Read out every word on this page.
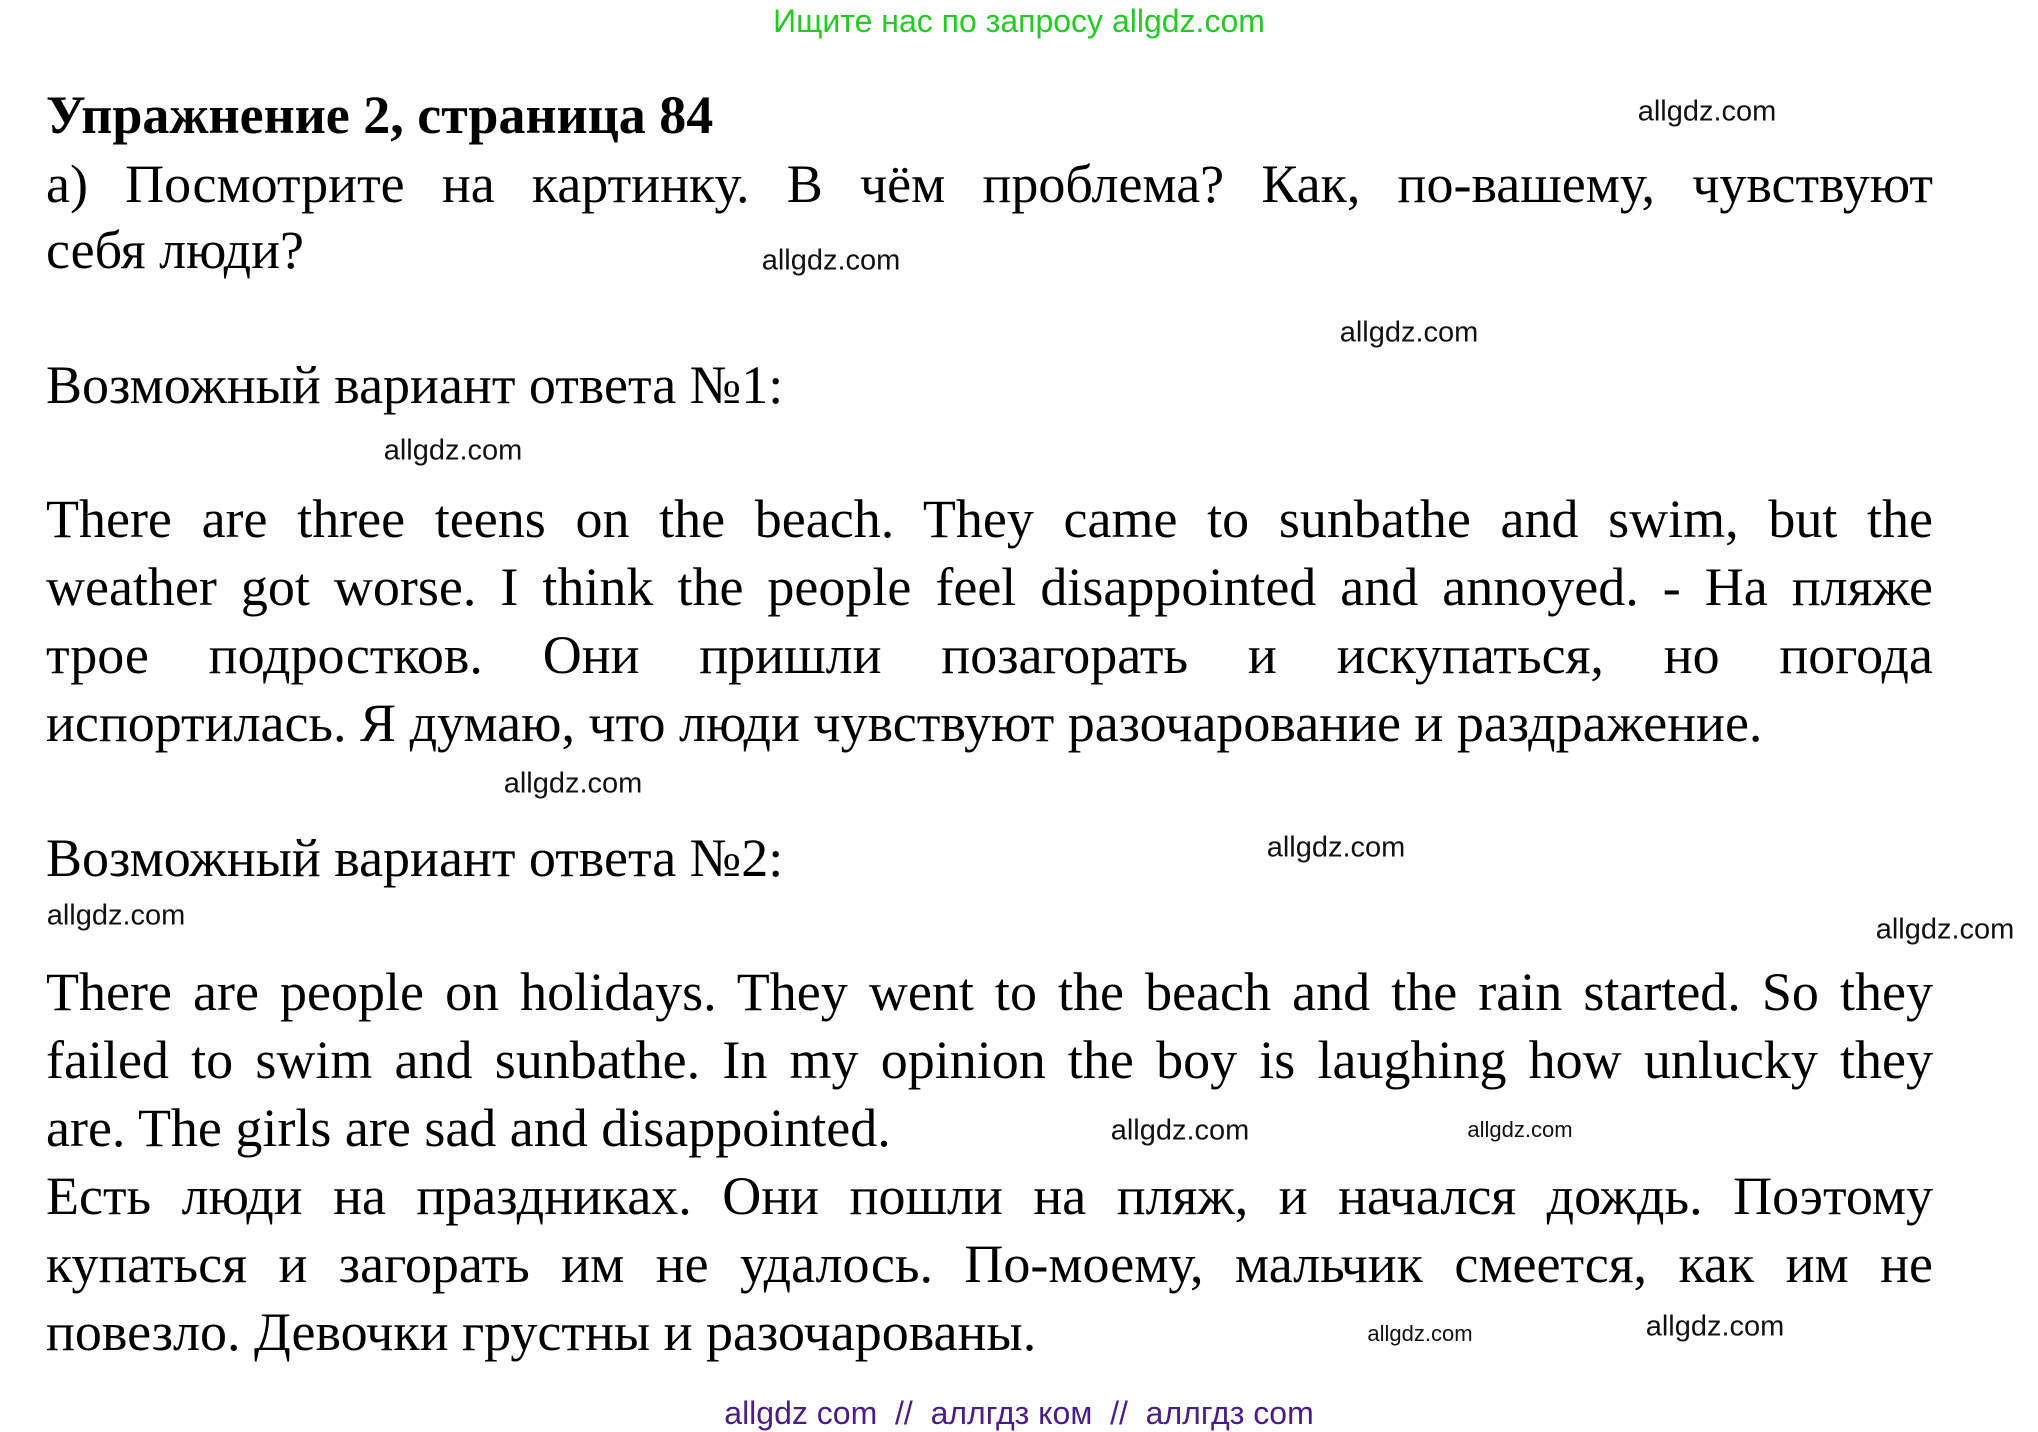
Ищите нас по запросу allgdz.com
Упражнение 2, страница 84
а) Посмотрите на картинку. В чём проблема? Как, по-вашему, чувствуют
себя люди?
Возможный вариант ответа №1:
There are three teens on the beach. They came to sunbathe and swim, but the
weather got worse. I think the people feel disappointed and annoyed. - На пляже
трое подростков. Они пришли позагорать и искупаться, но погода
испортилась. Я думаю, что люди чувствуют разочарование и раздражение.
Возможный вариант ответа №2:
There are people on holidays. They went to the beach and the rain started. So they
failed to swim and sunbathe. In my opinion the boy is laughing how unlucky they
are. The girls are sad and disappointed.
Есть люди на праздниках. Они пошли на пляж, и начался дождь. Поэтому
купаться и загорать им не удалось. По-моему, мальчик смеется, как им не
повезло. Девочки грустны и разочарованы.
allgdz.com
allgdz.com
allgdz.com
allgdz.com
allgdz.com
allgdz.com
allgdz.com	allgdz.com
allgdz.com
allgdz.com
allgdz.com	allgdz.com
allgdz com  //  аллгдз ком  //  аллгдз com
